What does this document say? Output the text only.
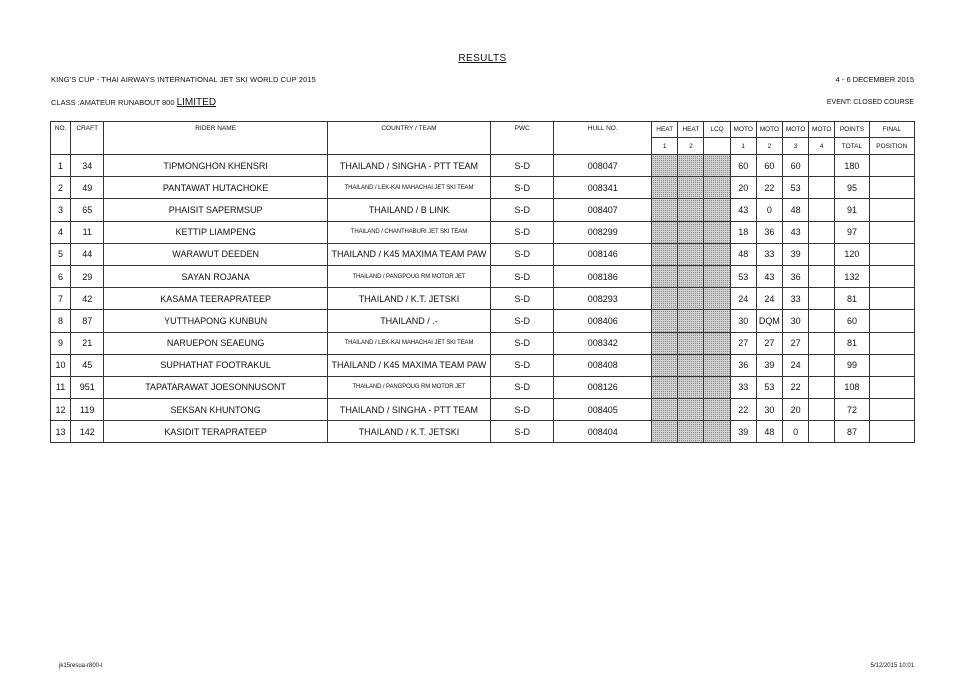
RESULTS
KING'S CUP - THAI AIRWAYS INTERNATIONAL JET SKI WORLD CUP 2015	4 - 6 DECEMBER 2015
CLASS :AMATEUR RUNABOUT 800 LIMITED	EVENT: CLOSED COURSE
NO.	CRAFT	RIDER NAME	COUNTRY / TEAM	PWC	HULL NO.	HEAT	HEAT	LCQ	MOTO	MOTO	MOTO	MOTO	POINTS	FINAL
						1	2		1	2	3	4	TOTAL	POSITION
1	34	TIPMONGHON KHENSRI	THAILAND / SINGHA - PTT TEAM	S-D	008047				60	60	60		180	
2	49	PANTAWAT HUTACHOKE	THAILAND / LEK-KAI MAHACHAI JET SKI TEAM	S-D	008341				20	22	53		95	
3	65	PHAISIT SAPERMSUP	THAILAND / B LINK	S-D	008407				43	0	48		91	
4	11	KETTIP LIAMPENG	THAILAND / CHANTHABURI JET SKI TEAM	S-D	008299				18	36	43		97	
5	44	WARAWUT DEEDEN	THAILAND / K45 MAXIMA TEAM PAW	S-D	008146				48	33	39		120	
6	29	SAYAN ROJANA	THAILAND / PANGPOUG RM MOTOR JET	S-D	008186				53	43	36		132	
7	42	KASAMA TEERAPRATEEP	THAILAND / K.T. JETSKI	S-D	008293				24	24	33		81	
8	87	YUTTHAPONG KUNBUN	THAILAND / .-	S-D	008406				30	DQM	30		60	
9	21	NARUEPON SEAEUNG	THAILAND / LEK-KAI MAHACHAI JET SKI TEAM	S-D	008342				27	27	27		81	
10	45	SUPHATHAT FOOTRAKUL	THAILAND / K45 MAXIMA TEAM PAW	S-D	008408				36	39	24		99	
11	951	TAPATARAWAT JOESONNUSONT	THAILAND / PANGPOUG RM MOTOR JET	S-D	008126				33	53	22		108	
12	119	SEKSAN KHUNTONG	THAILAND / SINGHA - PTT TEAM	S-D	008405				22	30	20		72	
13	142	KASIDIT TERAPRATEEP	THAILAND / K.T. JETSKI	S-D	008404				39	48	0		87	
jk15resua-r800-l	5/12/2015 10:01
